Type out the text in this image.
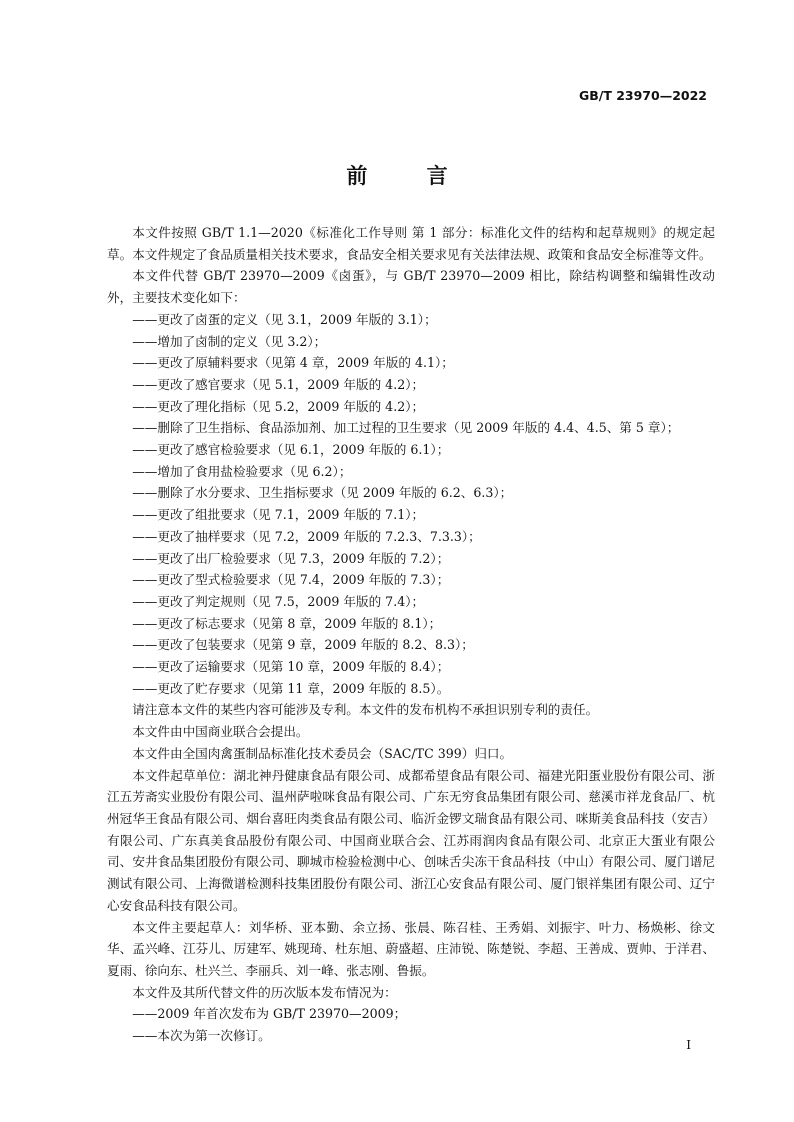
GB/T 23970—2022
前 言

本文件按照 GB/T 1.1—2020《标准化工作导则 第 1 部分：标准化文件的结构和起草规则》的规定起草。本文件规定了食品质量相关技术要求，食品安全相关要求见有关法律法规、政策和食品安全标准等文件。

本文件代替 GB/T 23970—2009《卤蛋》，与 GB/T 23970—2009 相比，除结构调整和编辑性改动外，主要技术变化如下：

——更改了卤蛋的定义（见 3.1，2009 年版的 3.1）；
——增加了卤制的定义（见 3.2）；
——更改了原辅料要求（见第 4 章，2009 年版的 4.1）；
——更改了感官要求（见 5.1，2009 年版的 4.2）；
——更改了理化指标（见 5.2，2009 年版的 4.2）；
——删除了卫生指标、食品添加剂、加工过程的卫生要求（见 2009 年版的 4.4、4.5、第 5 章）；
——更改了感官检验要求（见 6.1，2009 年版的 6.1）；
——增加了食用盐检验要求（见 6.2）；
——删除了水分要求、卫生指标要求（见 2009 年版的 6.2、6.3）；
——更改了组批要求（见 7.1，2009 年版的 7.1）；
——更改了抽样要求（见 7.2，2009 年版的 7.2.3、7.3.3）；
——更改了出厂检验要求（见 7.3，2009 年版的 7.2）；
——更改了型式检验要求（见 7.4，2009 年版的 7.3）；
——更改了判定规则（见 7.5，2009 年版的 7.4）；
——更改了标志要求（见第 8 章，2009 年版的 8.1）；
——更改了包装要求（见第 9 章，2009 年版的 8.2、8.3）；
——更改了运输要求（见第 10 章，2009 年版的 8.4）；
——更改了贮存要求（见第 11 章，2009 年版的 8.5）。

请注意本文件的某些内容可能涉及专利。本文件的发布机构不承担识别专利的责任。

本文件由中国商业联合会提出。

本文件由全国肉禽蛋制品标准化技术委员会（SAC/TC 399）归口。

本文件起草单位：湖北神丹健康食品有限公司、成都希望食品有限公司、福建光阳蛋业股份有限公司、浙江五芳斋实业股份有限公司、温州萨啦咪食品有限公司、广东无穷食品集团有限公司、慈溪市祥龙食品厂、杭州冠华王食品有限公司、烟台喜旺肉类食品有限公司、临沂金锣文瑞食品有限公司、咪斯美食品科技（安吉）有限公司、广东真美食品股份有限公司、中国商业联合会、江苏雨润肉食品有限公司、北京正大蛋业有限公司、安井食品集团股份有限公司、聊城市检验检测中心、创味舌尖冻干食品科技（中山）有限公司、厦门谱尼测试有限公司、上海微谱检测科技集团股份有限公司、浙江心安食品有限公司、厦门银祥集团有限公司、辽宁心安食品科技有限公司。

本文件主要起草人：刘华桥、亚本勤、余立扬、张晨、陈召桂、王秀娟、刘振宇、叶力、杨焕彬、徐文华、孟兴峰、江芬儿、厉建军、姚现琦、杜东旭、蔚盛超、庄沛锐、陈楚锐、李超、王善成、贾帅、于洋君、夏雨、徐向东、杜兴兰、李丽兵、刘一峰、张志刚、鲁振。

本文件及其所代替文件的历次版本发布情况为：

——2009 年首次发布为 GB/T 23970—2009；
——本次为第一次修订。
I
